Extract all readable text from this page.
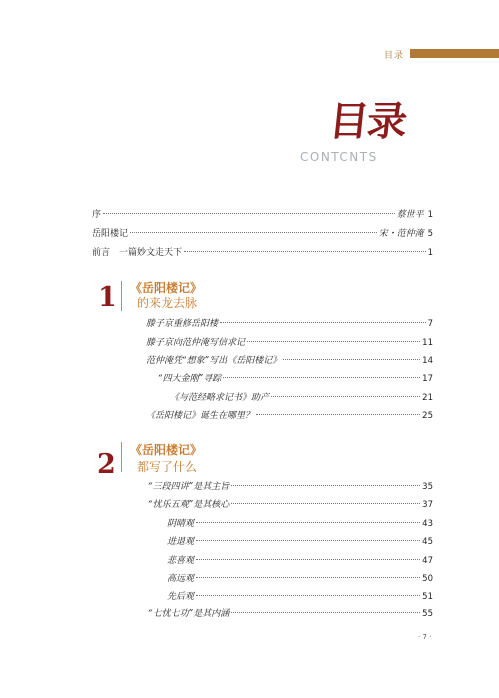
目录
目录
CONTCNTS
序	蔡世平 1
岳阳楼记	宋・范仲淹 5
前言　一篇妙文走天下	1
1 《岳阳楼记》
的来龙去脉
滕子京重修岳阳楼	7
滕子京向范仲淹写信求记	11
范仲淹凭“想象”写出《岳阳楼记》	14
“四大金刚”寻踪	17
《与范经略求记书》助产	21
《岳阳楼记》诞生在哪里？	25
2 《岳阳楼记》
都写了什么
“三段四讲”是其主旨	35
“忧乐五观”是其核心	37
阴晴观	43
进退观	45
悲喜观	47
高远观	50
先后观	51
“七忧七功”是其内涵	55
· 7 ·
